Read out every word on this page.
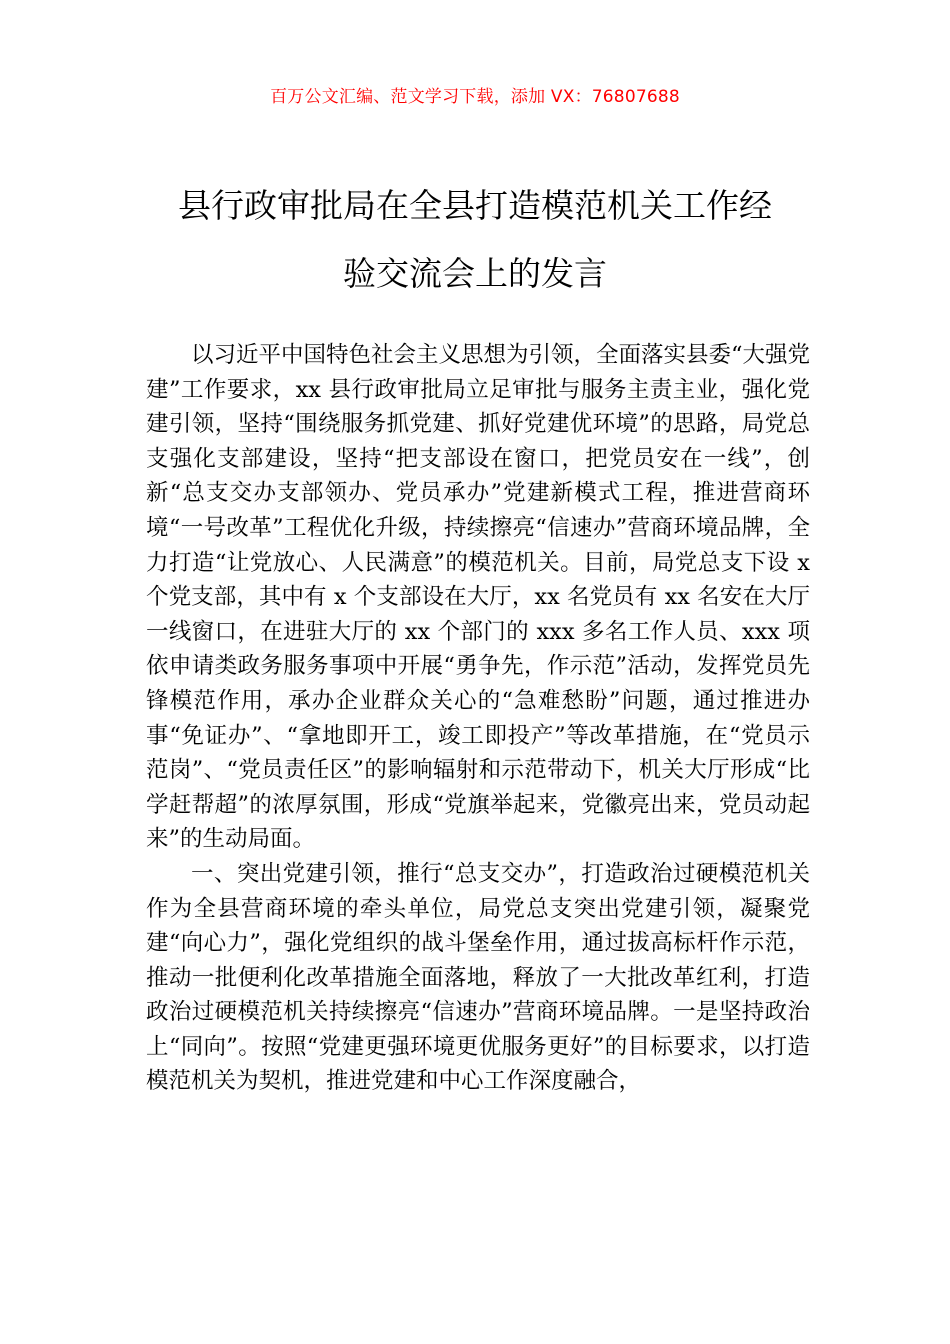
百万公文汇编、范文学习下载，添加 VX：76807688
县行政审批局在全县打造模范机关工作经
验交流会上的发言

以习近平中国特色社会主义思想为引领，全面落实县委“大强党建”工作要求，xx 县行政审批局立足审批与服务主责主业，强化党建引领，坚持“围绕服务抓党建、抓好党建优环境”的思路，局党总支强化支部建设，坚持“把支部设在窗口，把党员安在一线”，创新“总支交办支部领办、党员承办”党建新模式工程，推进营商环境“一号改革”工程优化升级，持续擦亮“信速办”营商环境品牌，全力打造“让党放心、人民满意”的模范机关。目前，局党总支下设 x 个党支部，其中有 x 个支部设在大厅，xx 名党员有 xx 名安在大厅一线窗口，在进驻大厅的 xx 个部门的 xxx 多名工作人员、xxx 项依申请类政务服务事项中开展“勇争先，作示范”活动，发挥党员先锋模范作用，承办企业群众关心的“急难愁盼”问题，通过推进办事“免证办”、“拿地即开工，竣工即投产”等改革措施，在“党员示范岗”、“党员责任区”的影响辐射和示范带动下，机关大厅形成“比学赶帮超”的浓厚氛围，形成“党旗举起来，党徽亮出来，党员动起来”的生动局面。

一、突出党建引领，推行“总支交办”，打造政治过硬模范机关作为全县营商环境的牵头单位，局党总支突出党建引领，凝聚党建“向心力”，强化党组织的战斗堡垒作用，通过拔高标杆作示范，推动一批便利化改革措施全面落地，释放了一大批改革红利，打造政治过硬模范机关持续擦亮“信速办”营商环境品牌。一是坚持政治上“同向”。按照“党建更强环境更优服务更好”的目标要求，以打造模范机关为契机，推进党建和中心工作深度融合，
